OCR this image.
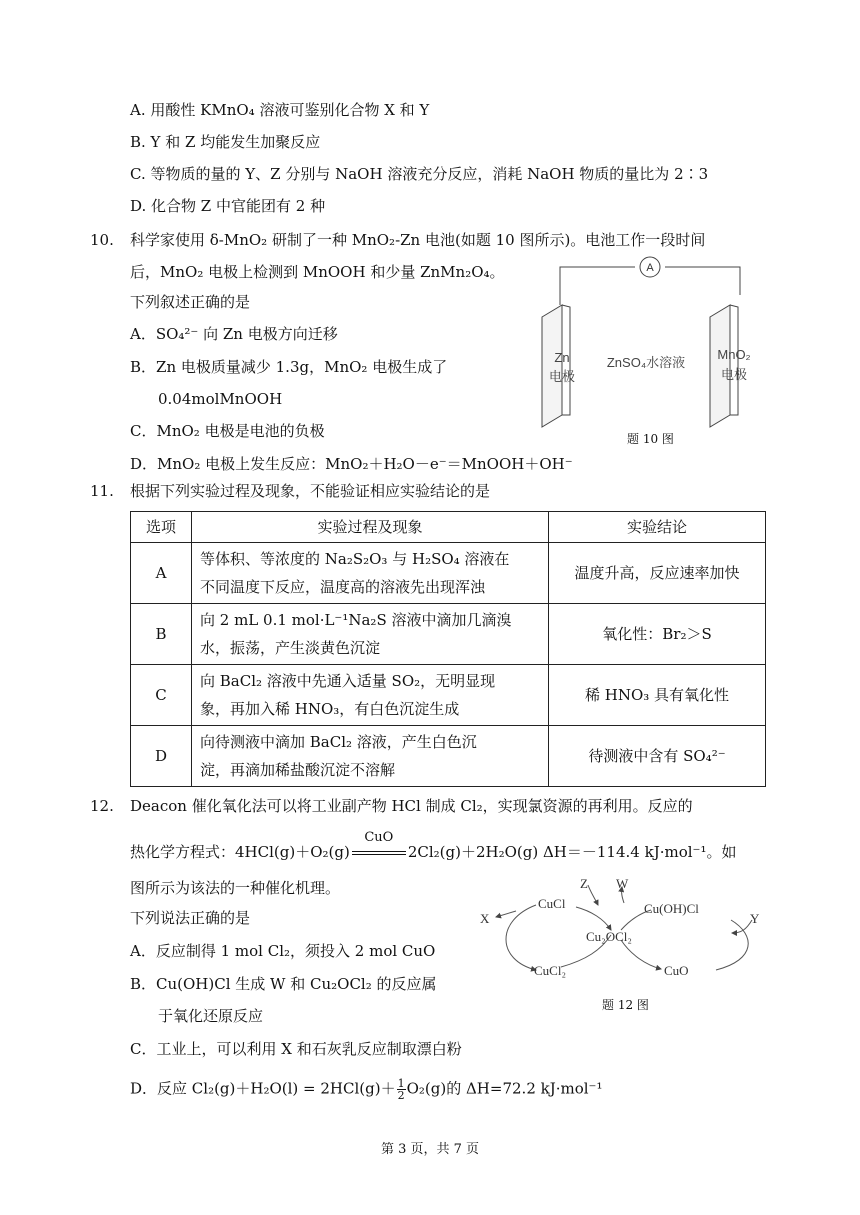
A. 用酸性 KMnO₄ 溶液可鉴别化合物 X 和 Y
B. Y 和 Z 均能发生加聚反应
C. 等物质的量的 Y、Z 分别与 NaOH 溶液充分反应，消耗 NaOH 物质的量比为 2∶3
D. 化合物 Z 中官能团有 2 种
10. 科学家使用 δ-MnO₂ 研制了一种 MnO₂-Zn 电池(如题 10 图所示)。电池工作一段时间
后，MnO₂ 电极上检测到 MnOOH 和少量 ZnMn₂O₄。
下列叙述正确的是
A．SO₄²⁻ 向 Zn 电极方向迁移
B．Zn 电极质量减少 1.3g，MnO₂ 电极生成了
0.04molMnOOH
C．MnO₂ 电极是电池的负极
D．MnO₂ 电极上发生反应：MnO₂＋H₂O－e⁻＝MnOOH＋OH⁻
A
Zn
电极
ZnSO₄水溶液
MnO₂
电极
题 10 图
11. 根据下列实验过程及现象，不能验证相应实验结论的是
选项	实验过程及现象	实验结论
A	等体积、等浓度的 Na₂S₂O₃ 与 H₂SO₄ 溶液在
不同温度下反应，温度高的溶液先出现浑浊	温度升高，反应速率加快
B	向 2 mL 0.1 mol·L⁻¹Na₂S 溶液中滴加几滴溴
水，振荡，产生淡黄色沉淀	氧化性：Br₂＞S
C	向 BaCl₂ 溶液中先通入适量 SO₂，无明显现
象，再加入稀 HNO₃，有白色沉淀生成	稀 HNO₃ 具有氧化性
D	向待测液中滴加 BaCl₂ 溶液，产生白色沉
淀，再滴加稀盐酸沉淀不溶解	待测液中含有 SO₄²⁻
12. Deacon 催化氧化法可以将工业副产物 HCl 制成 Cl₂，实现氯资源的再利用。反应的
热化学方程式：4HCl(g)＋O₂(g)
CuO
2Cl₂(g)＋2H₂O(g) ΔH＝－114.4 kJ·mol⁻¹。如
图所示为该法的一种催化机理。
下列说法正确的是
A．反应制得 1 mol Cl₂，须投入 2 mol CuO
B．Cu(OH)Cl 生成 W 和 Cu₂OCl₂ 的反应属
于氧化还原反应
C．工业上，可以利用 X 和石灰乳反应制取漂白粉
D．反应 $Cl_2(g)+H_2O(l) = 2HCl(g)+ \frac{1}{2} O_2(g)$的 ΔH=72.2 kJ·mol⁻¹
Z W
CuCl	Cu(OH)Cl
X	Y
Cu₂OCl₂
CuCl₂	CuO
题 12 图
第 3 页，共 7 页
